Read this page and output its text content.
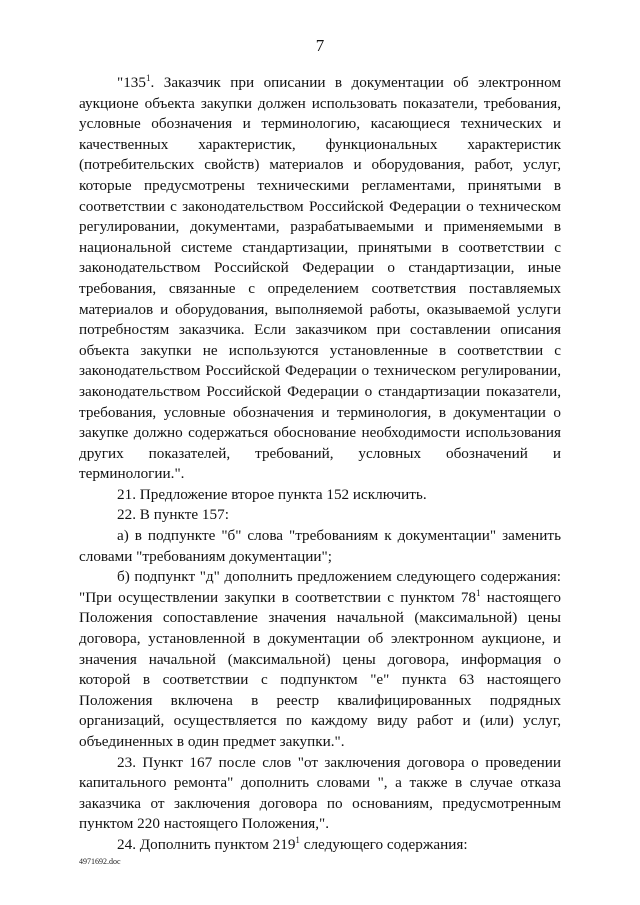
7

"$135^1$. Заказчик при описании в документации об электронном аукционе объекта закупки должен использовать показатели, требования, условные обозначения и терминологию, касающиеся технических и качественных характеристик, функциональных характеристик (потребительских свойств) материалов и оборудования, работ, услуг, которые предусмотрены техническими регламентами, принятыми в соответствии с законодательством Российской Федерации о техническом регулировании, документами, разрабатываемыми и применяемыми в национальной системе стандартизации, принятыми в соответствии с законодательством Российской Федерации о стандартизации, иные требования, связанные с определением соответствия поставляемых материалов и оборудования, выполняемой работы, оказываемой услуги потребностям заказчика. Если заказчиком при составлении описания объекта закупки не используются установленные в соответствии с законодательством Российской Федерации о техническом регулировании, законодательством Российской Федерации о стандартизации показатели, требования, условные обозначения и терминология, в документации о закупке должно содержаться обоснование необходимости использования других показателей, требований, условных обозначений и терминологии.".

21. Предложение второе пункта 152 исключить.

22. В пункте 157:

а) в подпункте "б" слова "требованиям к документации" заменить словами "требованиям документации";

б) подпункт "д" дополнить предложением следующего содержания: "При осуществлении закупки в соответствии с пунктом $78^1$ настоящего Положения сопоставление значения начальной (максимальной) цены договора, установленной в документации об электронном аукционе, и значения начальной (максимальной) цены договора, информация о которой в соответствии с подпунктом "е" пункта 63 настоящего Положения включена в реестр квалифицированных подрядных организаций, осуществляется по каждому виду работ и (или) услуг, объединенных в один предмет закупки.".

23. Пункт 167 после слов "от заключения договора о проведении капитального ремонта" дополнить словами ", а также в случае отказа заказчика от заключения договора по основаниям, предусмотренным пунктом 220 настоящего Положения,".

24. Дополнить пунктом $219^1$ следующего содержания:

4971692.doc
